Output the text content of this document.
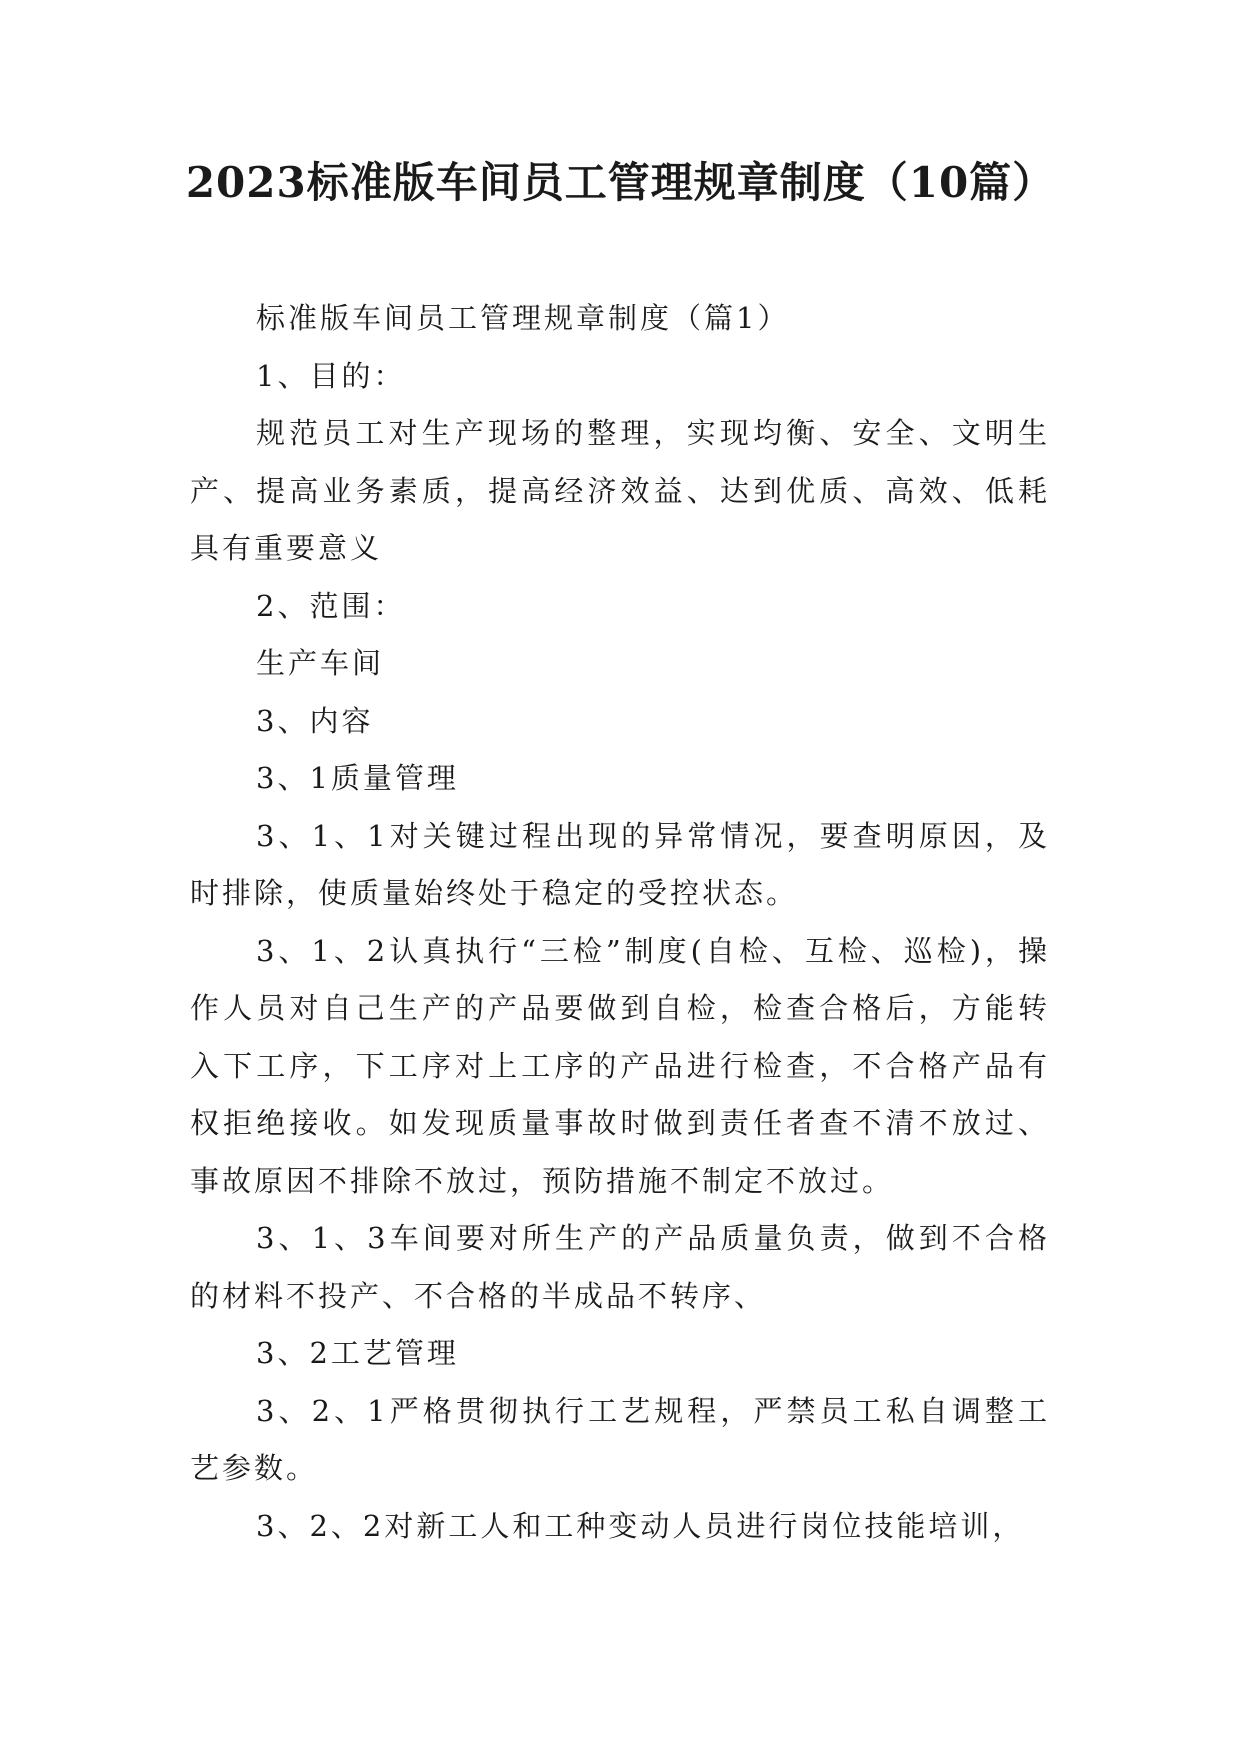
2023标准版车间员工管理规章制度（10篇）

标准版车间员工管理规章制度（篇1）

1、目的：

规范员工对生产现场的整理，实现均衡、安全、文明生产、提高业务素质，提高经济效益、达到优质、高效、低耗具有重要意义

2、范围：

生产车间

3、内容

3、1质量管理

3、1、1对关键过程出现的异常情况，要查明原因，及时排除，使质量始终处于稳定的受控状态。

3、1、2认真执行“三检”制度(自检、互检、巡检)，操作人员对自己生产的产品要做到自检，检查合格后，方能转入下工序，下工序对上工序的产品进行检查，不合格产品有权拒绝接收。如发现质量事故时做到责任者查不清不放过、事故原因不排除不放过，预防措施不制定不放过。

3、1、3车间要对所生产的产品质量负责，做到不合格的材料不投产、不合格的半成品不转序、

3、2工艺管理

3、2、1严格贯彻执行工艺规程，严禁员工私自调整工艺参数。

3、2、2对新工人和工种变动人员进行岗位技能培训，
